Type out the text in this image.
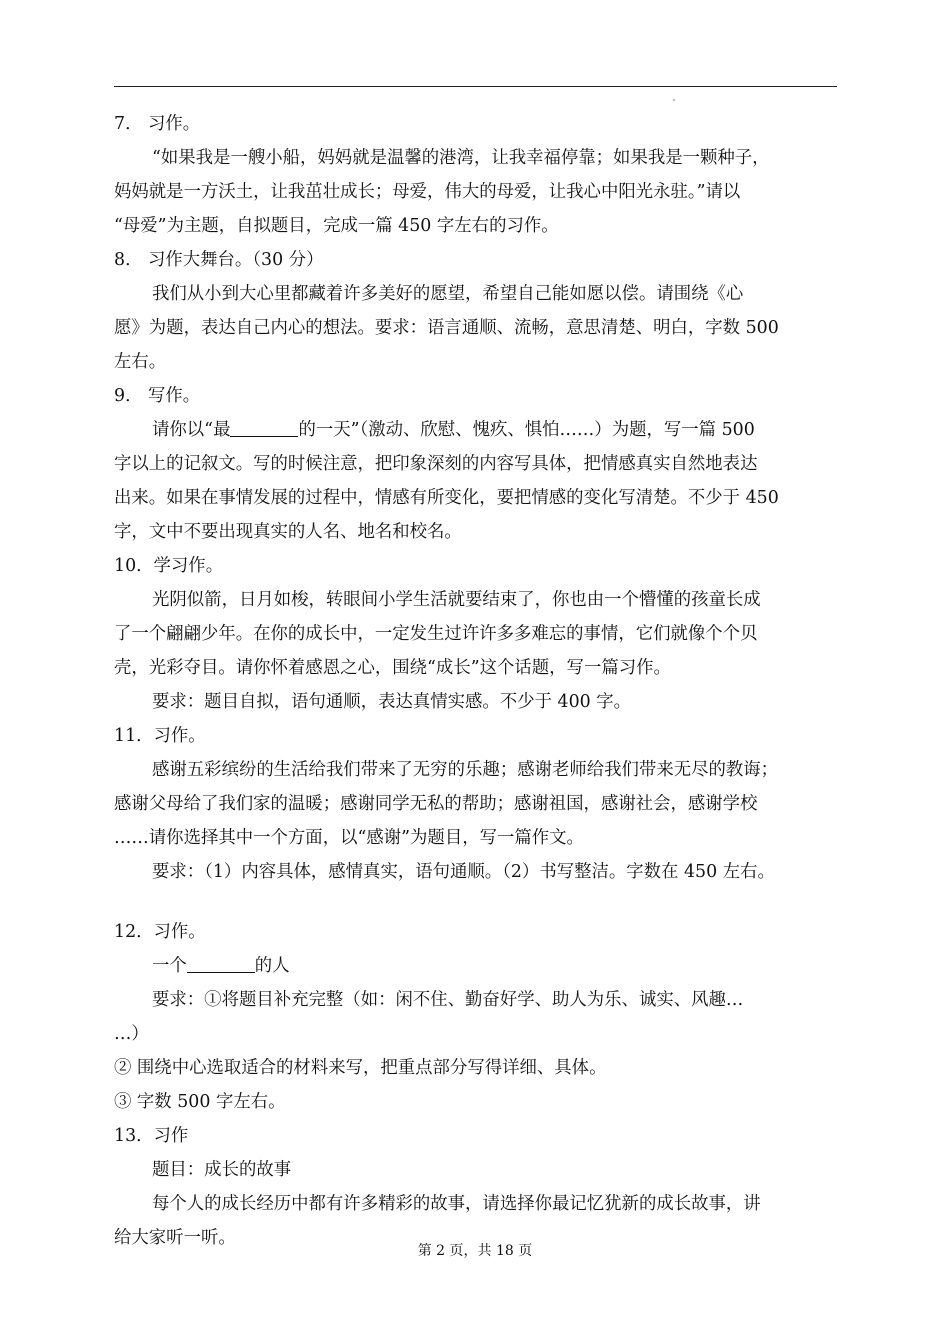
7． 习作。
“如果我是一艘小船，妈妈就是温馨的港湾，让我幸福停靠；如果我是一颗种子，
妈妈就是一方沃土，让我茁壮成长；母爱，伟大的母爱，让我心中阳光永驻。”请以
“母爱”为主题，自拟题目，完成一篇 450 字左右的习作。
8． 习作大舞台。（30 分）
我们从小到大心里都藏着许多美好的愿望，希望自己能如愿以偿。请围绕《心
愿》为题，表达自己内心的想法。要求：语言通顺、流畅，意思清楚、明白，字数 500
左右。
9． 写作。
请你以“最	的一天”（激动、欣慰、愧疚、惧怕……）为题，写一篇 500
字以上的记叙文。写的时候注意，把印象深刻的内容写具体，把情感真实自然地表达
出来。如果在事情发展的过程中，情感有所变化，要把情感的变化写清楚。不少于 450
字，文中不要出现真实的人名、地名和校名。
10．学习作。
光阴似箭，日月如梭，转眼间小学生活就要结束了，你也由一个懵懂的孩童长成
了一个翩翩少年。在你的成长中，一定发生过许许多多难忘的事情，它们就像个个贝
壳，光彩夺目。请你怀着感恩之心，围绕“成长”这个话题，写一篇习作。
要求：题目自拟，语句通顺，表达真情实感。不少于 400 字。
11．习作。
感谢五彩缤纷的生活给我们带来了无穷的乐趣；感谢老师给我们带来无尽的教诲；
感谢父母给了我们家的温暖；感谢同学无私的帮助；感谢祖国，感谢社会，感谢学校
……请你选择其中一个方面，以“感谢”为题目，写一篇作文。
要求：（1）内容具体，感情真实，语句通顺。（2）书写整洁。字数在 450 左右。
12．习作。
一个	的人
要求：①将题目补充完整（如：闲不住、勤奋好学、助人为乐、诚实、风趣…
…）
② 围绕中心选取适合的材料来写，把重点部分写得详细、具体。
③ 字数 500 字左右。
13．习作
题目：成长的故事
每个人的成长经历中都有许多精彩的故事，请选择你最记忆犹新的成长故事，讲
给大家听一听。
第 2 页，共 18 页
